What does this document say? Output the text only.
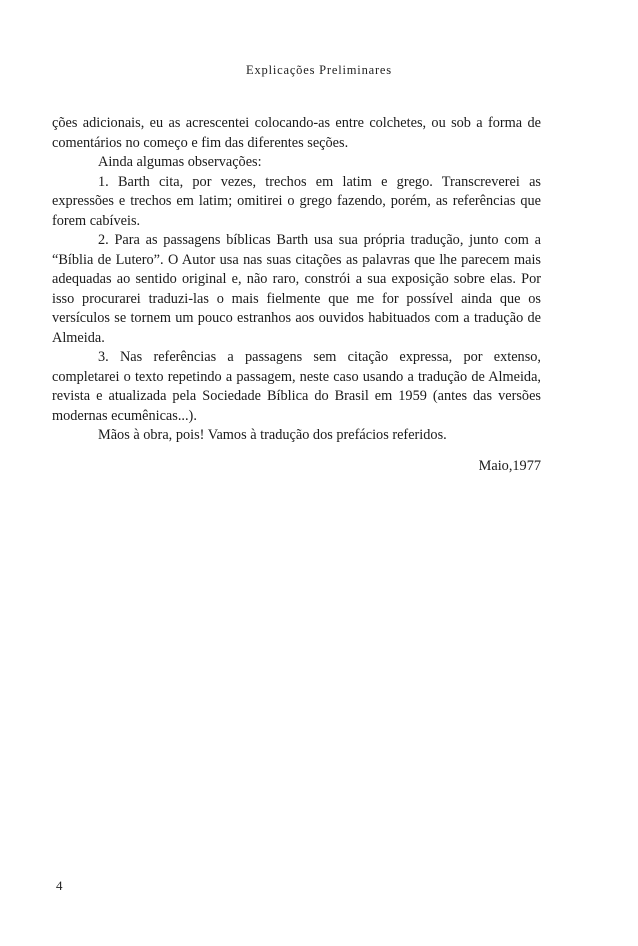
Explicações Preliminares

ções adicionais, eu as acrescentei colocando-as entre colchetes, ou sob a forma de comentários no começo e fim das diferentes seções.

Ainda algumas observações:

1. Barth cita, por vezes, trechos em latim e grego. Transcreverei as expressões e trechos em latim; omitirei o grego fazendo, porém, as referências que forem cabíveis.

2. Para as passagens bíblicas Barth usa sua própria tradução, junto com a “Bíblia de Lutero”. O Autor usa nas suas citações as palavras que lhe parecem mais adequadas ao sentido original e, não raro, constrói a sua exposição sobre elas. Por isso procurarei traduzi-las o mais fielmente que me for possível ainda que os versículos se tornem um pouco estranhos aos ouvidos habituados com a tradução de Almeida.

3. Nas referências a passagens sem citação expressa, por extenso, completarei o texto repetindo a passagem, neste caso usando a tradução de Almeida, revista e atualizada pela Sociedade Bíblica do Brasil em 1959 (antes das versões modernas ecumênicas...).

Mãos à obra, pois! Vamos à tradução dos prefácios referidos.

Maio,1977
4
